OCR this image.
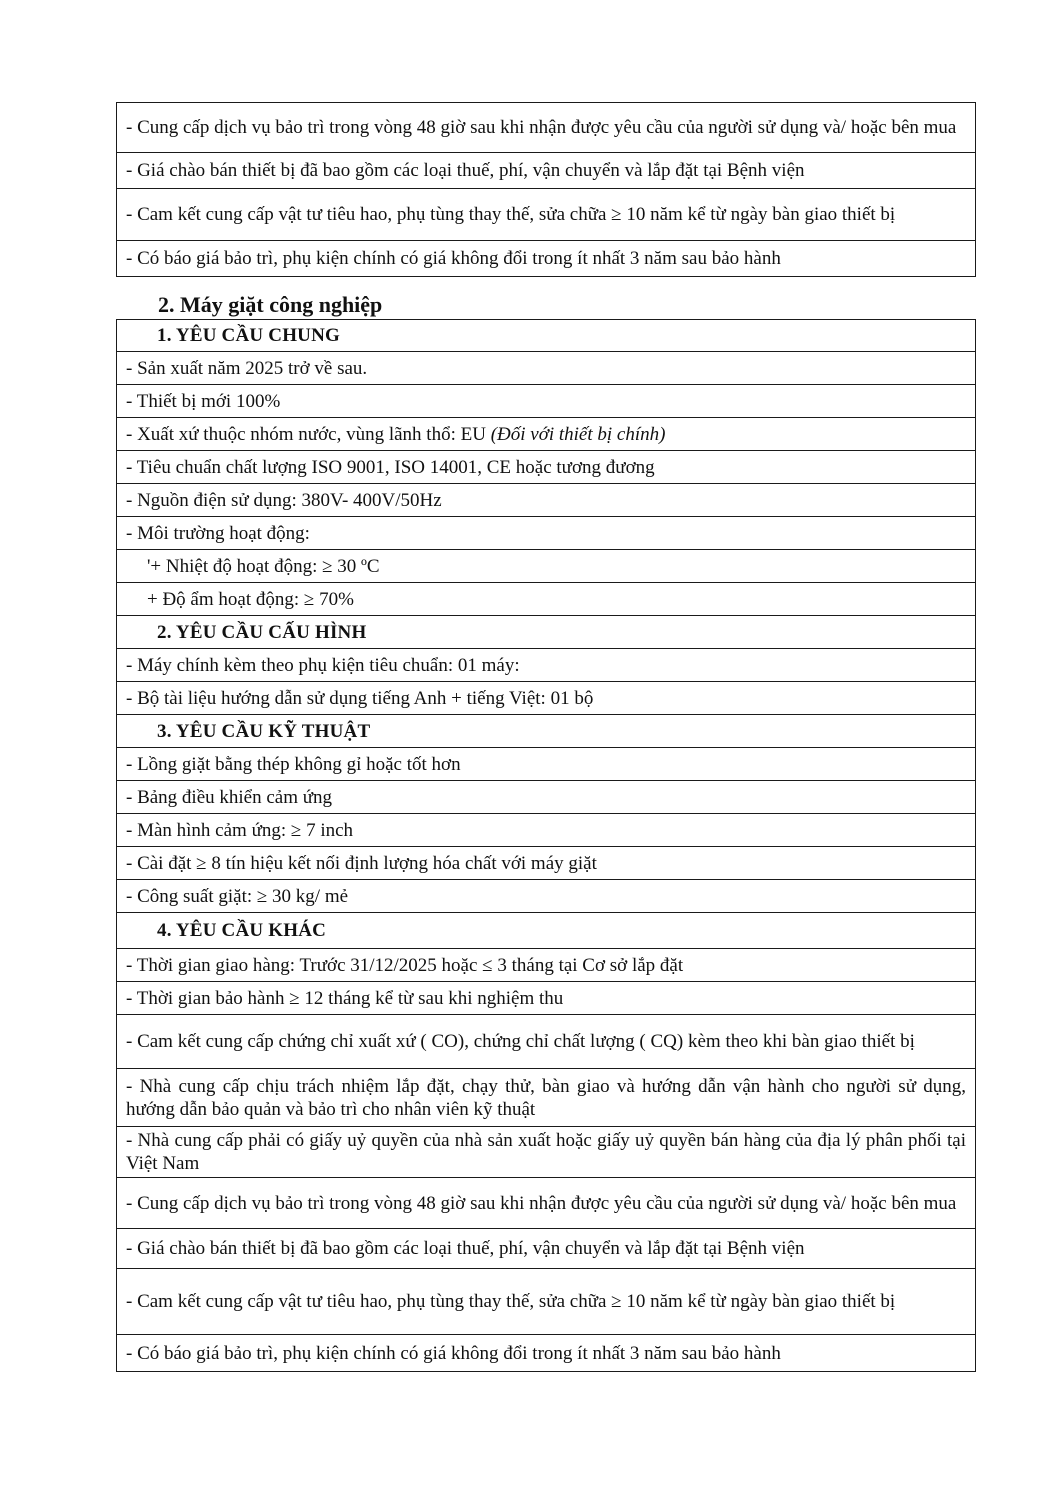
- Cung cấp dịch vụ bảo trì trong vòng 48 giờ sau khi nhận được yêu cầu của người sử dụng và/ hoặc bên mua
- Giá chào bán thiết bị đã bao gồm các loại thuế, phí, vận chuyển và lắp đặt tại Bệnh viện
- Cam kết cung cấp vật tư tiêu hao, phụ tùng thay thế, sửa chữa ≥ 10 năm kể từ ngày bàn giao thiết bị
- Có báo giá bảo trì, phụ kiện chính có giá không đổi trong ít nhất 3 năm sau bảo hành
2. Máy giặt công nghiệp
1. YÊU CẦU CHUNG
- Sản xuất năm 2025 trở về sau.
- Thiết bị mới 100%
- Xuất xứ thuộc nhóm nước, vùng lãnh thổ: EU (Đối với thiết bị chính)
- Tiêu chuẩn chất lượng ISO 9001, ISO 14001, CE hoặc tương đương
- Nguồn điện sử dụng: 380V- 400V/50Hz
- Môi trường hoạt động:
'+ Nhiệt độ hoạt động: ≥ 30 ºC
+ Độ ẩm hoạt động: ≥ 70%
2. YÊU CẦU CẤU HÌNH
- Máy chính kèm theo phụ kiện tiêu chuẩn: 01 máy:
- Bộ tài liệu hướng dẫn sử dụng tiếng Anh + tiếng Việt: 01 bộ
3. YÊU CẦU KỸ THUẬT
- Lồng giặt bằng thép không gỉ hoặc tốt hơn
- Bảng điều khiển cảm ứng
- Màn hình cảm ứng: ≥ 7 inch
- Cài đặt ≥ 8 tín hiệu kết nối định lượng hóa chất với máy giặt
- Công suất giặt: ≥ 30 kg/ mẻ
4. YÊU CẦU KHÁC
- Thời gian giao hàng: Trước 31/12/2025 hoặc ≤ 3 tháng tại Cơ sở lắp đặt
- Thời gian bảo hành ≥ 12 tháng kể từ sau khi nghiệm thu
- Cam kết cung cấp chứng chỉ xuất xứ ( CO), chứng chỉ chất lượng ( CQ) kèm theo khi bàn giao thiết bị
- Nhà cung cấp chịu trách nhiệm lắp đặt, chạy thử, bàn giao và hướng dẫn vận hành cho người sử dụng, hướng dẫn bảo quản và bảo trì cho nhân viên kỹ thuật
- Nhà cung cấp phải có giấy uỷ quyền của nhà sản xuất hoặc giấy uỷ quyền bán hàng của địa lý phân phối tại Việt Nam
- Cung cấp dịch vụ bảo trì trong vòng 48 giờ sau khi nhận được yêu cầu của người sử dụng và/ hoặc bên mua
- Giá chào bán thiết bị đã bao gồm các loại thuế, phí, vận chuyển và lắp đặt tại Bệnh viện
- Cam kết cung cấp vật tư tiêu hao, phụ tùng thay thế, sửa chữa ≥ 10 năm kể từ ngày bàn giao thiết bị
- Có báo giá bảo trì, phụ kiện chính có giá không đổi trong ít nhất 3 năm sau bảo hành
